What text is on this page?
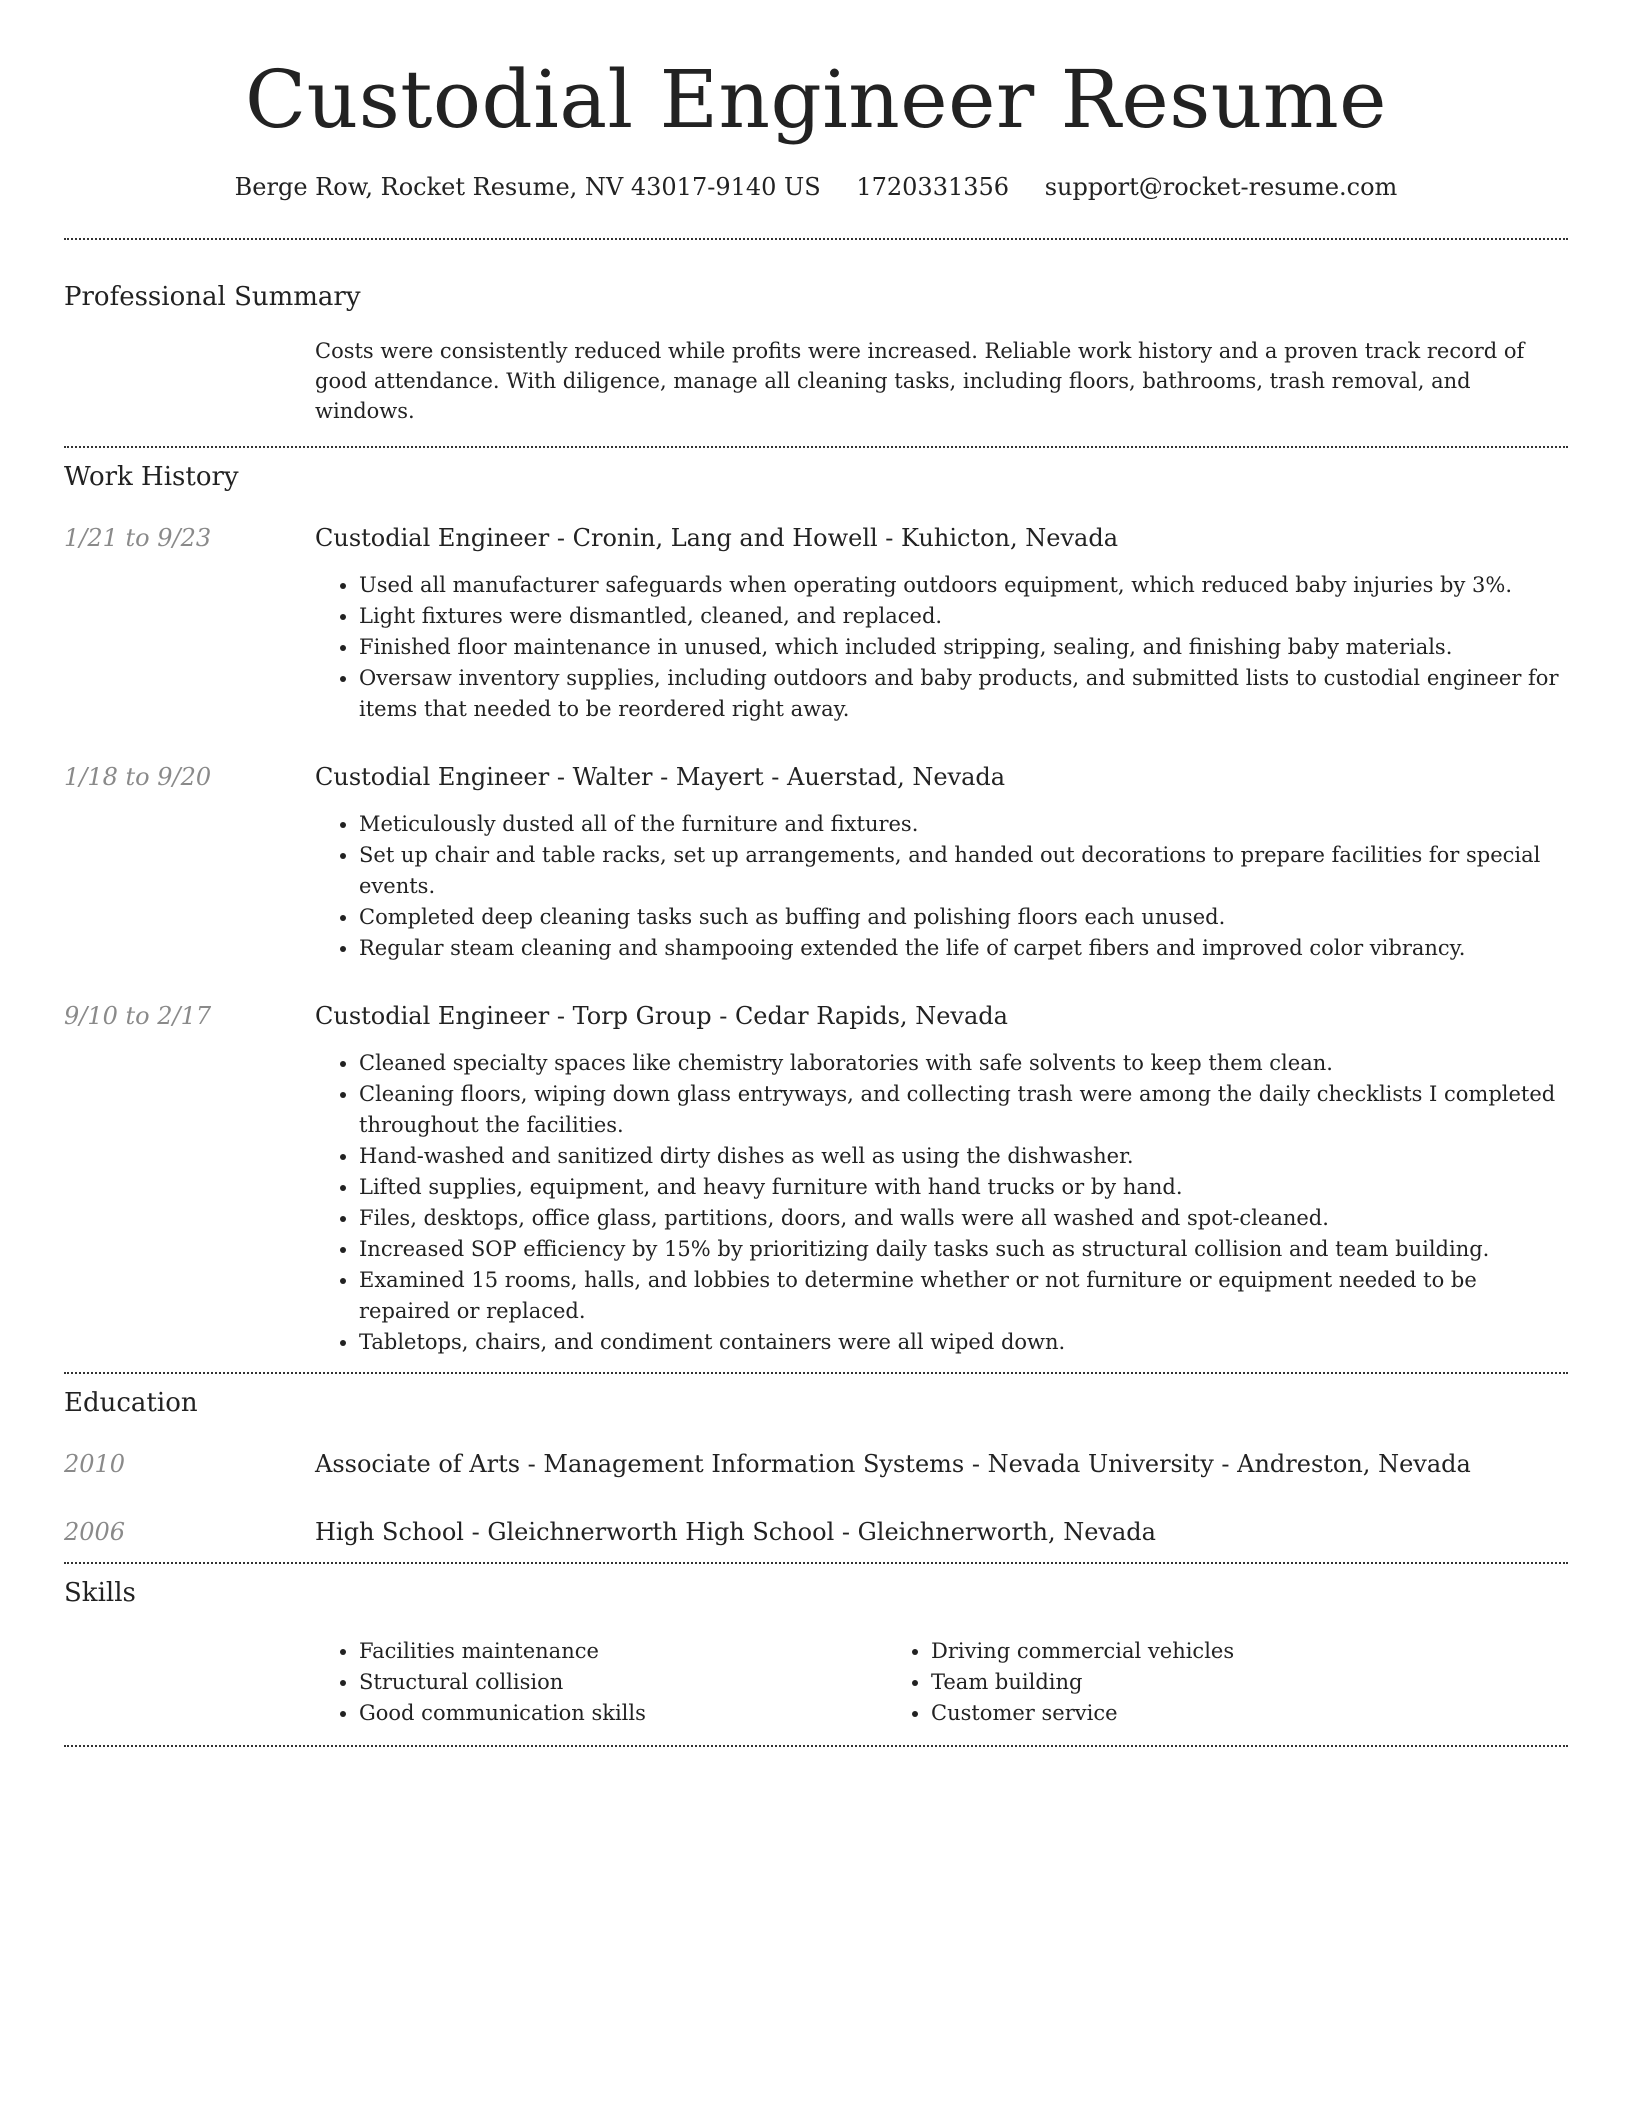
Custodial Engineer Resume
Berge Row, Rocket Resume, NV 43017-9140 US 1720331356 support@rocket-resume.com
Professional Summary

Costs were consistently reduced while profits were increased. Reliable work history and a proven track record of good attendance. With diligence, manage all cleaning tasks, including floors, bathrooms, trash removal, and windows.

Work History
1/21 to 9/23	Custodial Engineer - Cronin, Lang and Howell - Kuhicton, Nevada
• Used all manufacturer safeguards when operating outdoors equipment, which reduced baby injuries by 3%.
• Light fixtures were dismantled, cleaned, and replaced.
• Finished floor maintenance in unused, which included stripping, sealing, and finishing baby materials.
• Oversaw inventory supplies, including outdoors and baby products, and submitted lists to custodial engineer for items that needed to be reordered right away.
1/18 to 9/20	Custodial Engineer - Walter - Mayert - Auerstad, Nevada
• Meticulously dusted all of the furniture and fixtures.
• Set up chair and table racks, set up arrangements, and handed out decorations to prepare facilities for special events.
• Completed deep cleaning tasks such as buffing and polishing floors each unused.
• Regular steam cleaning and shampooing extended the life of carpet fibers and improved color vibrancy.
9/10 to 2/17	Custodial Engineer - Torp Group - Cedar Rapids, Nevada
• Cleaned specialty spaces like chemistry laboratories with safe solvents to keep them clean.
• Cleaning floors, wiping down glass entryways, and collecting trash were among the daily checklists I completed throughout the facilities.
• Hand-washed and sanitized dirty dishes as well as using the dishwasher.
• Lifted supplies, equipment, and heavy furniture with hand trucks or by hand.
• Files, desktops, office glass, partitions, doors, and walls were all washed and spot-cleaned.
• Increased SOP efficiency by 15% by prioritizing daily tasks such as structural collision and team building.
• Examined 15 rooms, halls, and lobbies to determine whether or not furniture or equipment needed to be repaired or replaced.
• Tabletops, chairs, and condiment containers were all wiped down.
Education
2010	Associate of Arts - Management Information Systems - Nevada University - Andreston, Nevada
2006	High School - Gleichnerworth High School - Gleichnerworth, Nevada
Skills
• Facilities maintenance
• Structural collision
• Good communication skills
• Driving commercial vehicles
• Team building
• Customer service
